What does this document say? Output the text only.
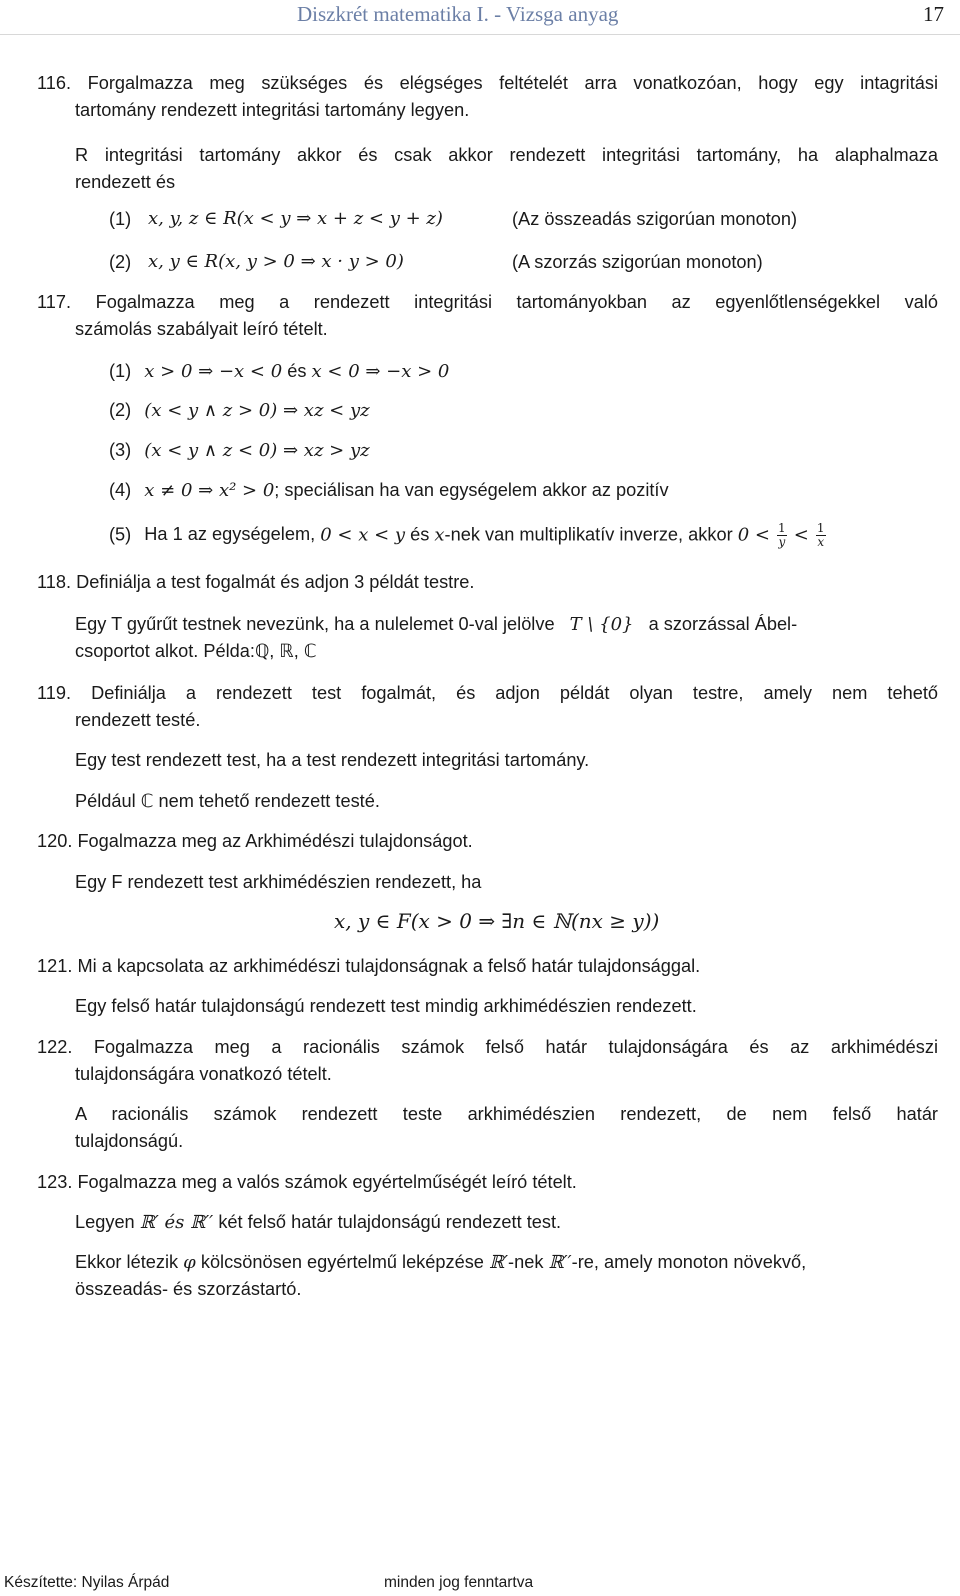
Diszkrét matematika I. - Vizsga anyag	17
116. Forgalmazza meg szükséges és elégséges feltételét arra vonatkozóan, hogy egy intagritási
tartomány rendezett integritási tartomány legyen.
R integritási tartomány akkor és csak akkor rendezett integritási tartomány, ha alaphalmaza
rendezett és
(1) x, y, z ∈ R(x < y ⇒ x + z < y + z)	(Az összeadás szigorúan monoton)
(2) x, y ∈ R(x, y > 0 ⇒ x · y > 0)	(A szorzás szigorúan monoton)
117. Fogalmazza meg a rendezett integritási tartományokban az egyenlőtlenségekkel való
számolás szabályait leíró tételt.
(1) x > 0 ⇒ −x < 0 és x < 0 ⇒ −x > 0
(2) (x < y ∧ z > 0) ⇒ xz < yz
(3) (x < y ∧ z < 0) ⇒ xz > yz
(4) x ≠ 0 ⇒ x² > 0; speciálisan ha van egységelem akkor az pozitív
(5) Ha 1 az egységelem, 0 < x < y és x-nek van multiplikatív inverze, akkor $0 < \frac{1}{y} < \frac{1}{x}$
118. Definiálja a test fogalmát és adjon 3 példát testre.
Egy T gyűrűt testnek nevezünk, ha a nulelemet 0-val jelölve T \ {0} a szorzással Ábel-
csoportot alkot. Példa:ℚ, ℝ, ℂ
119. Definiálja a rendezett test fogalmát, és adjon példát olyan testre, amely nem tehető
rendezett testé.
Egy test rendezett test, ha a test rendezett integritási tartomány.
Például ℂ nem tehető rendezett testé.
120. Fogalmazza meg az Arkhimédészi tulajdonságot.
Egy F rendezett test arkhimédészien rendezett, ha
x, y ∈ F(x > 0 ⇒ ∃n ∈ ℕ(nx ≥ y))
121. Mi a kapcsolata az arkhimédészi tulajdonságnak a felső határ tulajdonsággal.
Egy felső határ tulajdonságú rendezett test mindig arkhimédészien rendezett.
122. Fogalmazza meg a racionális számok felső határ tulajdonságára és az arkhimédészi
tulajdonságára vonatkozó tételt.
A racionális számok rendezett teste arkhimédészien rendezett, de nem felső határ
tulajdonságú.
123. Fogalmazza meg a valós számok egyértelműségét leíró tételt.
Legyen ℝ′ és ℝ′′ két felső határ tulajdonságú rendezett test.
Ekkor létezik φ kölcsönösen egyértelmű leképzése ℝ′-nek ℝ′′-re, amely monoton növekvő,
összeadás- és szorzástartó.
Készítette: Nyilas Árpád	minden jog fenntartva
